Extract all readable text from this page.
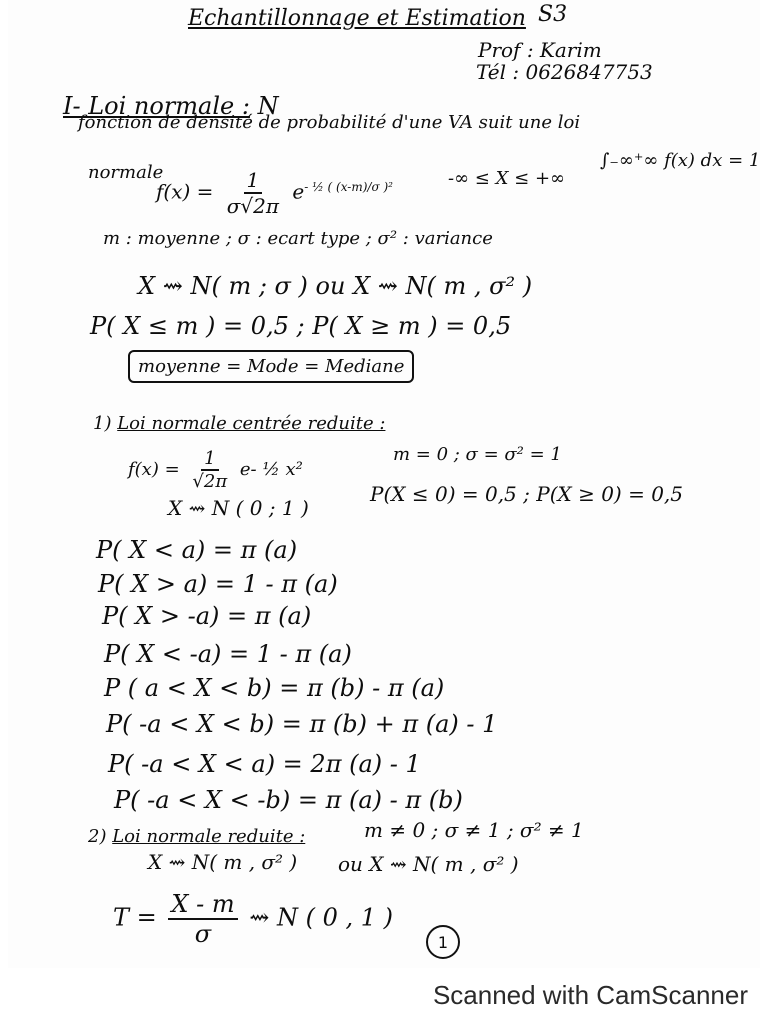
Echantillonnage et Estimation S3
Prof : Karim
Tél : 0626847753
I- Loi normale : N
fonction de densité de probabilité d'une VA suit une loi
normale
$f(x) = \frac{1}{\sigma√2\pi} e^{- \frac{1}{2} ( (x-m)/\sigma )^2}$	-∞ ≤ X ≤ +∞
∫₋∞⁺∞ f(x) dx = 1
m : moyenne ; σ : ecart type ; σ² : variance
X ⇝ N( m ; σ ) ou X ⇝ N( m , σ² )
P( X ≤ m ) = 0,5 ; P( X ≥ m ) = 0,5
moyenne = Mode = Mediane
1) Loi normale centrée reduite :
$f(x) = \frac{1}{√2\pi} e-$ ½ x²
m = 0 ; σ = σ² = 1
X ⇝ N ( 0 ; 1 )
P(X ≤ 0) = 0,5 ; P(X ≥ 0) = 0,5
P( X < a) = π (a)
P( X > a) = 1 - π (a)
P( X > -a) = π (a)
P( X < -a) = 1 - π (a)
P ( a < X < b) = π (b) - π (a)
P( -a < X < b) = π (b) + π (a) - 1
P( -a < X < a) = 2π (a) - 1
P( -a < X < -b) = π (a) - π (b)
2) Loi normale reduite :	m ≠ 0 ; σ ≠ 1 ; σ² ≠ 1
X ⇝ N( m , σ² ) ou X ⇝ N( m , σ² )
$T = \frac{X - m}{\sigma}$ ⇝ N ( 0 , 1 )
1
Scanned with CamScanner
